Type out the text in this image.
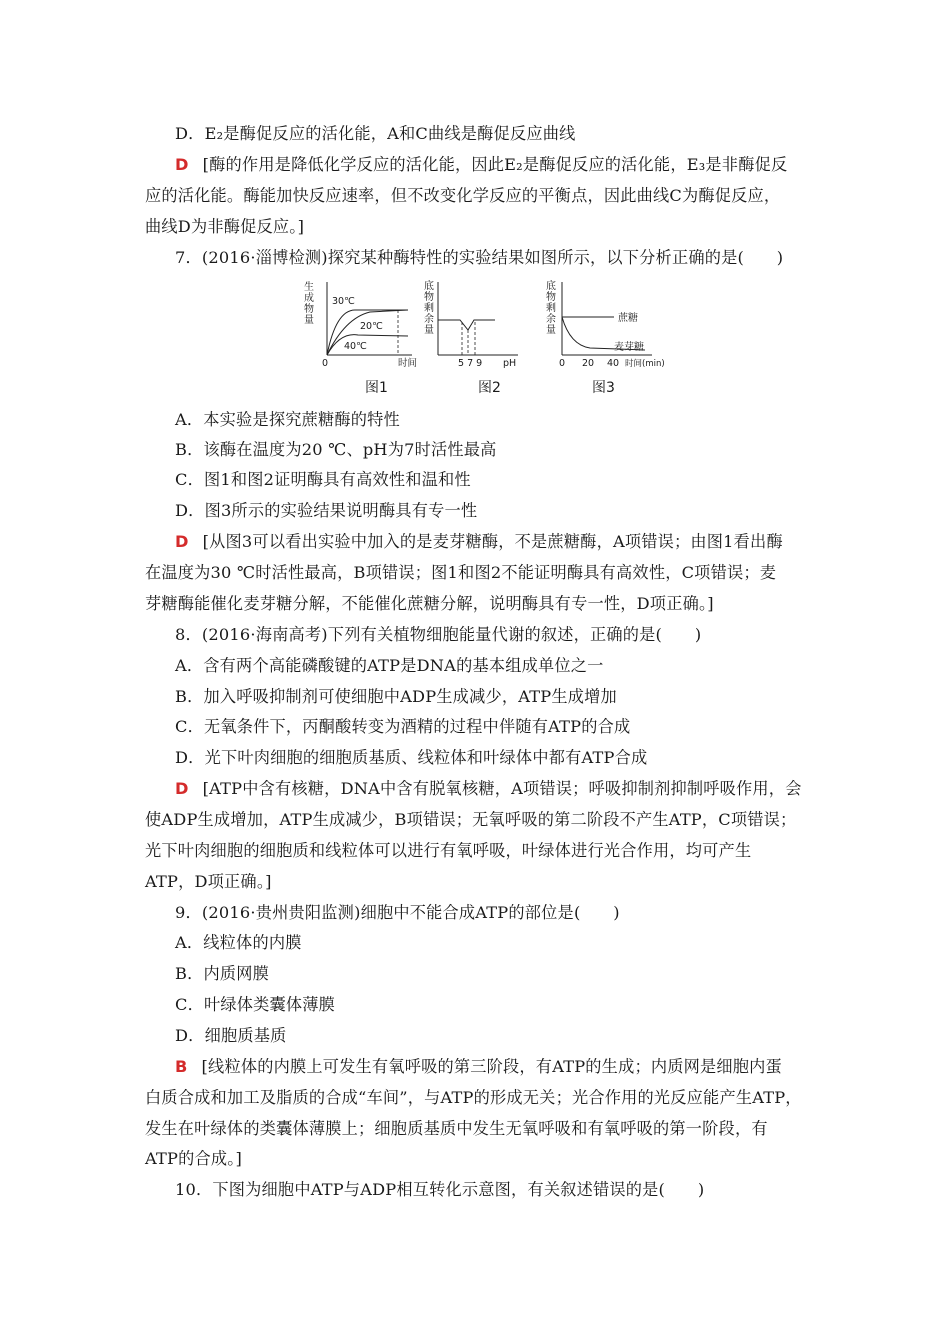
D．E₂是酶促反应的活化能，A和C曲线是酶促反应曲线
D [酶的作用是降低化学反应的活化能，因此E₂是酶促反应的活化能，E₃是非酶促反
应的活化能。酶能加快反应速率，但不改变化学反应的平衡点，因此曲线C为酶促反应，
曲线D为非酶促反应。]
7．(2016·淄博检测)探究某种酶特性的实验结果如图所示，以下分析正确的是(　　)
生
成
物
量
30℃
20℃
40℃
0	时间
底
物
剩
余
量
5 7 9 pH
底
物
剩
余
量
蔗糖
麦芽糖
0 20 40 时间(min)
图1	图2	图3
A．本实验是探究蔗糖酶的特性
B．该酶在温度为20 ℃、pH为7时活性最高
C．图1和图2证明酶具有高效性和温和性
D．图3所示的实验结果说明酶具有专一性
D [从图3可以看出实验中加入的是麦芽糖酶，不是蔗糖酶，A项错误；由图1看出酶
在温度为30 ℃时活性最高，B项错误；图1和图2不能证明酶具有高效性，C项错误；麦
芽糖酶能催化麦芽糖分解，不能催化蔗糖分解，说明酶具有专一性，D项正确。]
8．(2016·海南高考)下列有关植物细胞能量代谢的叙述，正确的是(　　)
A．含有两个高能磷酸键的ATP是DNA的基本组成单位之一
B．加入呼吸抑制剂可使细胞中ADP生成减少，ATP生成增加
C．无氧条件下，丙酮酸转变为酒精的过程中伴随有ATP的合成
D．光下叶肉细胞的细胞质基质、线粒体和叶绿体中都有ATP合成
D [ATP中含有核糖，DNA中含有脱氧核糖，A项错误；呼吸抑制剂抑制呼吸作用，会
使ADP生成增加，ATP生成减少，B项错误；无氧呼吸的第二阶段不产生ATP，C项错误；
光下叶肉细胞的细胞质和线粒体可以进行有氧呼吸，叶绿体进行光合作用，均可产生
ATP，D项正确。]
9．(2016·贵州贵阳监测)细胞中不能合成ATP的部位是(　　)
A．线粒体的内膜
B．内质网膜
C．叶绿体类囊体薄膜
D．细胞质基质
B [线粒体的内膜上可发生有氧呼吸的第三阶段，有ATP的生成；内质网是细胞内蛋
白质合成和加工及脂质的合成“车间”，与ATP的形成无关；光合作用的光反应能产生ATP，
发生在叶绿体的类囊体薄膜上；细胞质基质中发生无氧呼吸和有氧呼吸的第一阶段，有
ATP的合成。]
10．下图为细胞中ATP与ADP相互转化示意图，有关叙述错误的是(　　)
